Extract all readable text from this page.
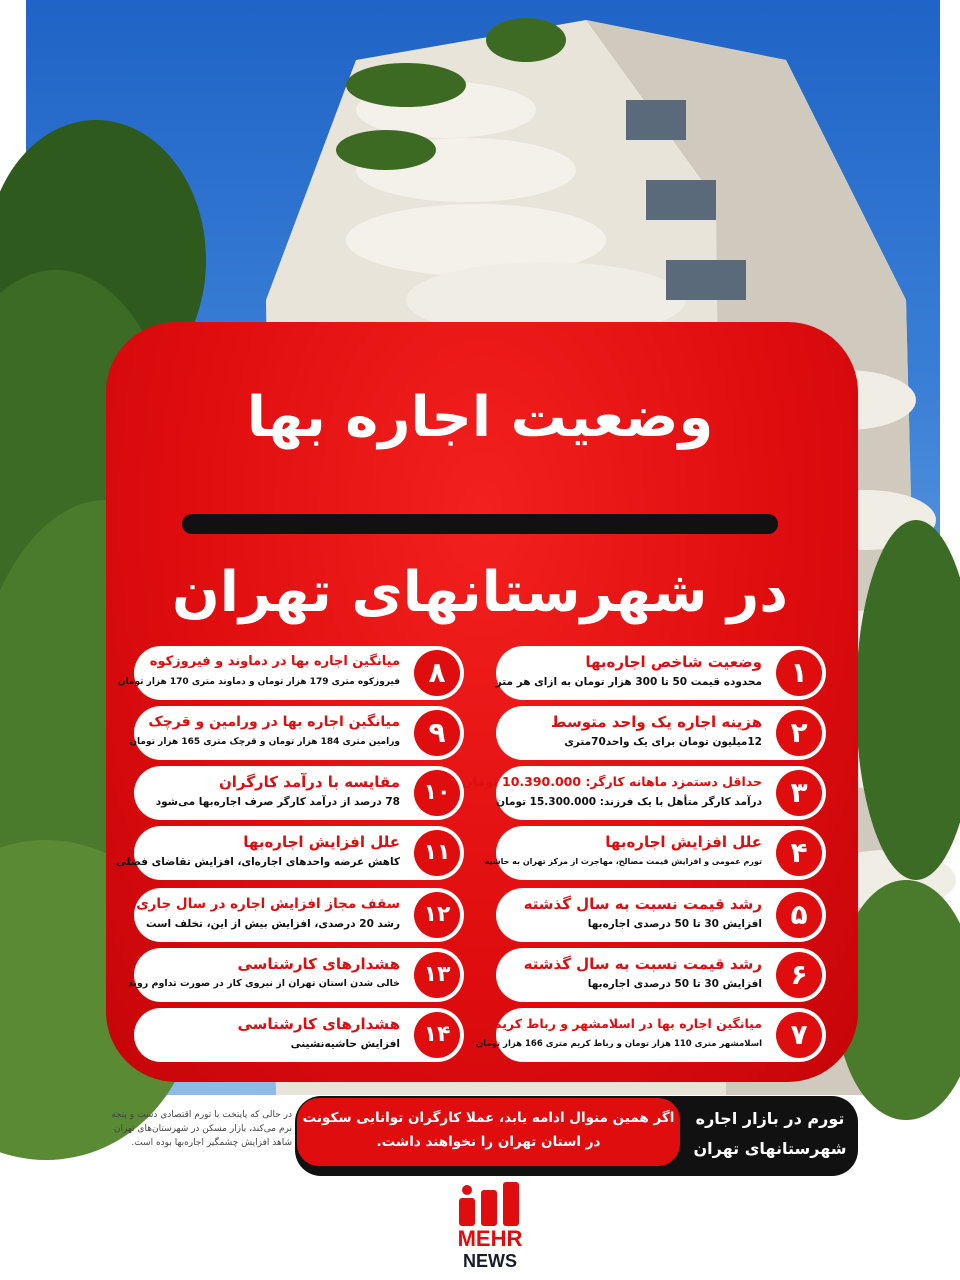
وضعیت اجاره بها
در شهرستانهای تهران
۱
وضعیت شاخص اجاره‌بها
محدوده قیمت 50 تا 300 هزار تومان به ازای هر متر
۲
هزینه اجاره یک واحد متوسط
12میلیون تومان برای یک واحد70متری
۳
حداقل دستمزد ماهانه کارگر: 10.390.000 تومان
درآمد کارگر متأهل با یک فرزند: 15.300.000 تومان
۴
علل افزایش اجاره‌بها
تورم عمومی و افزایش قیمت مصالح، مهاجرت از مرکز تهران به حاشیه
۵
رشد قیمت نسبت به سال گذشته
افزایش 30 تا 50 درصدی اجاره‌بها
۶
رشد قیمت نسبت به سال گذشته
افزایش 30 تا 50 درصدی اجاره‌بها
۷
میانگین اجاره بها در اسلامشهر و رباط کریم
اسلامشهر متری 110 هزار تومان و رباط کریم متری 166 هزار تومان
۸
میانگین اجاره بها در دماوند و فیروزکوه
فیروزکوه متری 179 هزار تومان و دماوند متری 170 هزار تومان
۹
میانگین اجاره بها در ورامین و قرچک
ورامین متری 184 هزار تومان و قرچک متری 165 هزار تومان
۱۰
مقایسه با درآمد کارگران
78 درصد از درآمد کارگر صرف اجاره‌بها می‌شود
۱۱
علل افزایش اجاره‌بها
کاهش عرضه واحدهای اجاره‌ای، افزایش تقاضای فصلی
۱۲
سقف مجاز افزایش اجاره در سال جاری
رشد 20 درصدی، افزایش بیش از این، تخلف است
۱۳
هشدارهای کارشناسی
خالی شدن استان تهران از نیروی کار در صورت تداوم روند
۱۴
هشدارهای کارشناسی
افزایش حاشیه‌نشینی
در حالی که پایتخت با تورم اقتصادی دست و پنجه
نرم می‌کند، بازار مسکن در شهرستان‌های تهران
شاهد افزایش چشمگیر اجاره‌بها بوده است.
اگر همین منوال ادامه یابد، عملا کارگران توانایی سکونت
در استان تهران را نخواهند داشت.
تورم در بازار اجاره
شهرستانهای تهران
MEHR
NEWS
